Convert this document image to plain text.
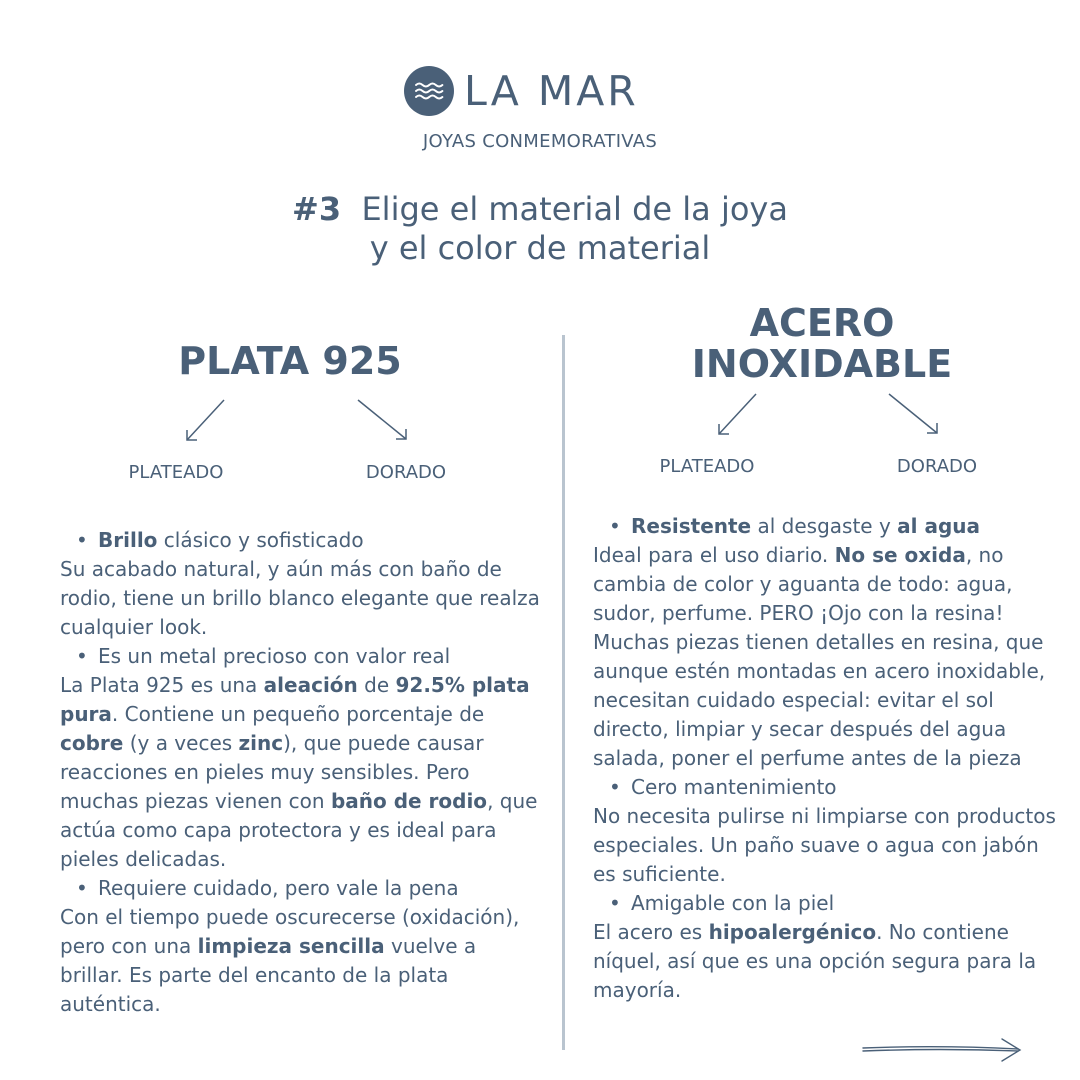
LA MAR
JOYAS CONMEMORATIVAS
#3 Elige el material de la joya
y el color de material
PLATA 925
PLATEADO	DORADO
• Brillo clásico y sofisticado
Su acabado natural, y aún más con baño de rodio, tiene un brillo blanco elegante que realza cualquier look.
• Es un metal precioso con valor real
La Plata 925 es una aleación de 92.5% plata pura. Contiene un pequeño porcentaje de cobre (y a veces zinc), que puede causar reacciones en pieles muy sensibles. Pero muchas piezas vienen con baño de rodio, que actúa como capa protectora y es ideal para pieles delicadas.
• Requiere cuidado, pero vale la pena
Con el tiempo puede oscurecerse (oxidación), pero con una limpieza sencilla vuelve a brillar. Es parte del encanto de la plata auténtica.
ACERO
INOXIDABLE
PLATEADO	DORADO
• Resistente al desgaste y al agua
Ideal para el uso diario. No se oxida, no cambia de color y aguanta de todo: agua, sudor, perfume. PERO ¡Ojo con la resina! Muchas piezas tienen detalles en resina, que aunque estén montadas en acero inoxidable, necesitan cuidado especial: evitar el sol directo, limpiar y secar después del agua salada, poner el perfume antes de la pieza
• Cero mantenimiento
No necesita pulirse ni limpiarse con productos especiales. Un paño suave o agua con jabón es suficiente.
• Amigable con la piel
El acero es hipoalergénico. No contiene níquel, así que es una opción segura para la mayoría.
